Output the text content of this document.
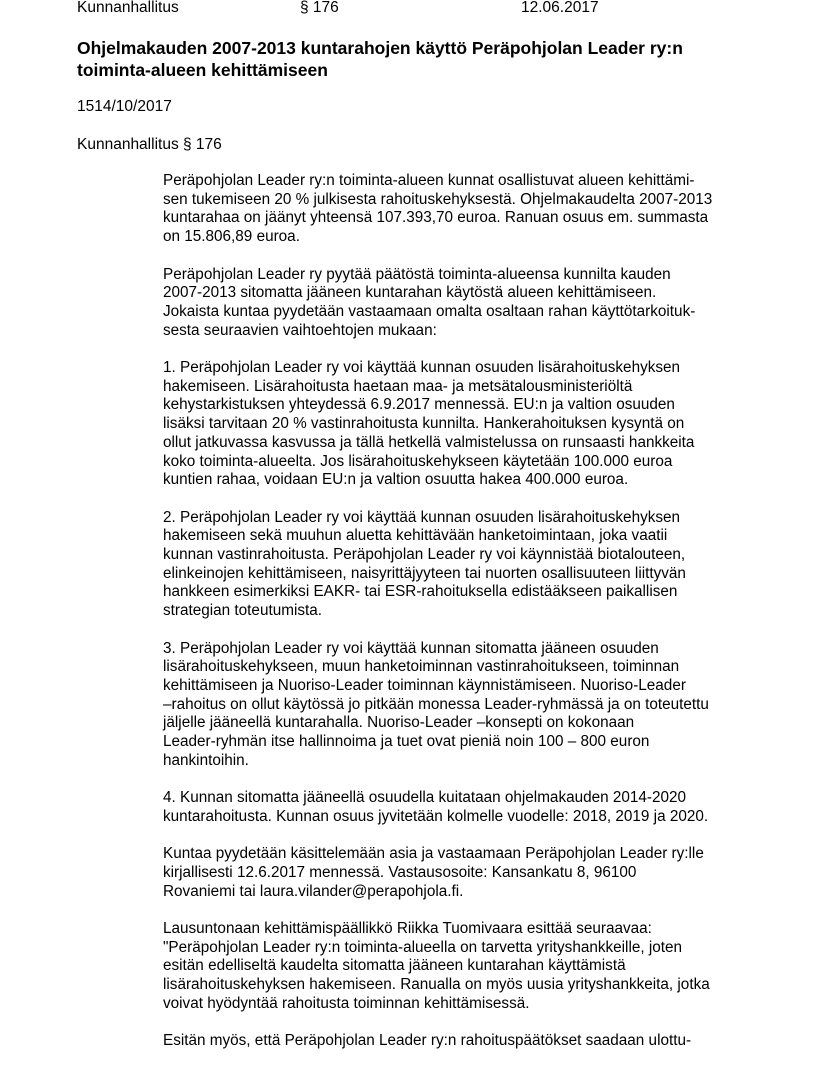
Kunnanhallitus	§ 176	12.06.2017
Ohjelmakauden 2007-2013 kuntarahojen käyttö Peräpohjolan Leader ry:n
toiminta-alueen kehittämiseen
1514/10/2017
Kunnanhallitus § 176

Peräpohjolan Leader ry:n toiminta-alueen kunnat osallistuvat alueen kehittämi-
sen tukemiseen 20 % julkisesta rahoituskehyksestä. Ohjelmakaudelta 2007-2013
kuntarahaa on jäänyt yhteensä 107.393,70 euroa. Ranuan osuus em. summasta
on 15.806,89 euroa.

Peräpohjolan Leader ry pyytää päätöstä toiminta-alueensa kunnilta kauden
2007-2013 sitomatta jääneen kuntarahan käytöstä alueen kehittämiseen.
Jokaista kuntaa pyydetään vastaamaan omalta osaltaan rahan käyttötarkoituk-
sesta seuraavien vaihtoehtojen mukaan:

1. Peräpohjolan Leader ry voi käyttää kunnan osuuden lisärahoituskehyksen
hakemiseen. Lisärahoitusta haetaan maa- ja metsätalousministeriöltä
kehystarkistuksen yhteydessä 6.9.2017 mennessä. EU:n ja valtion osuuden
lisäksi tarvitaan 20 % vastinrahoitusta kunnilta. Hankerahoituksen kysyntä on
ollut jatkuvassa kasvussa ja tällä hetkellä valmistelussa on runsaasti hankkeita
koko toiminta-alueelta. Jos lisärahoituskehykseen käytetään 100.000 euroa
kuntien rahaa, voidaan EU:n ja valtion osuutta hakea 400.000 euroa.

2. Peräpohjolan Leader ry voi käyttää kunnan osuuden lisärahoituskehyksen
hakemiseen sekä muuhun aluetta kehittävään hanketoimintaan, joka vaatii
kunnan vastinrahoitusta. Peräpohjolan Leader ry voi käynnistää biotalouteen,
elinkeinojen kehittämiseen, naisyrittäjyyteen tai nuorten osallisuuteen liittyvän
hankkeen esimerkiksi EAKR- tai ESR-rahoituksella edistääkseen paikallisen
strategian toteutumista.

3. Peräpohjolan Leader ry voi käyttää kunnan sitomatta jääneen osuuden
lisärahoituskehykseen, muun hanketoiminnan vastinrahoitukseen, toiminnan
kehittämiseen ja Nuoriso-Leader toiminnan käynnistämiseen. Nuoriso-Leader
–rahoitus on ollut käytössä jo pitkään monessa Leader-ryhmässä ja on toteutettu
jäljelle jääneellä kuntarahalla. Nuoriso-Leader –konsepti on kokonaan
Leader-ryhmän itse hallinnoima ja tuet ovat pieniä noin 100 – 800 euron
hankintoihin.

4. Kunnan sitomatta jääneellä osuudella kuitataan ohjelmakauden 2014-2020
kuntarahoitusta. Kunnan osuus jyvitetään kolmelle vuodelle: 2018, 2019 ja 2020.

Kuntaa pyydetään käsittelemään asia ja vastaamaan Peräpohjolan Leader ry:lle
kirjallisesti 12.6.2017 mennessä. Vastausosoite: Kansankatu 8, 96100
Rovaniemi tai laura.vilander@perapohjola.fi.

Lausuntonaan kehittämispäällikkö Riikka Tuomivaara esittää seuraavaa:
"Peräpohjolan Leader ry:n toiminta-alueella on tarvetta yrityshankkeille, joten
esitän edelliseltä kaudelta sitomatta jääneen kuntarahan käyttämistä
lisärahoituskehyksen hakemiseen. Ranualla on myös uusia yrityshankkeita, jotka
voivat hyödyntää rahoitusta toiminnan kehittämisessä.

Esitän myös, että Peräpohjolan Leader ry:n rahoituspäätökset saadaan ulottu-
